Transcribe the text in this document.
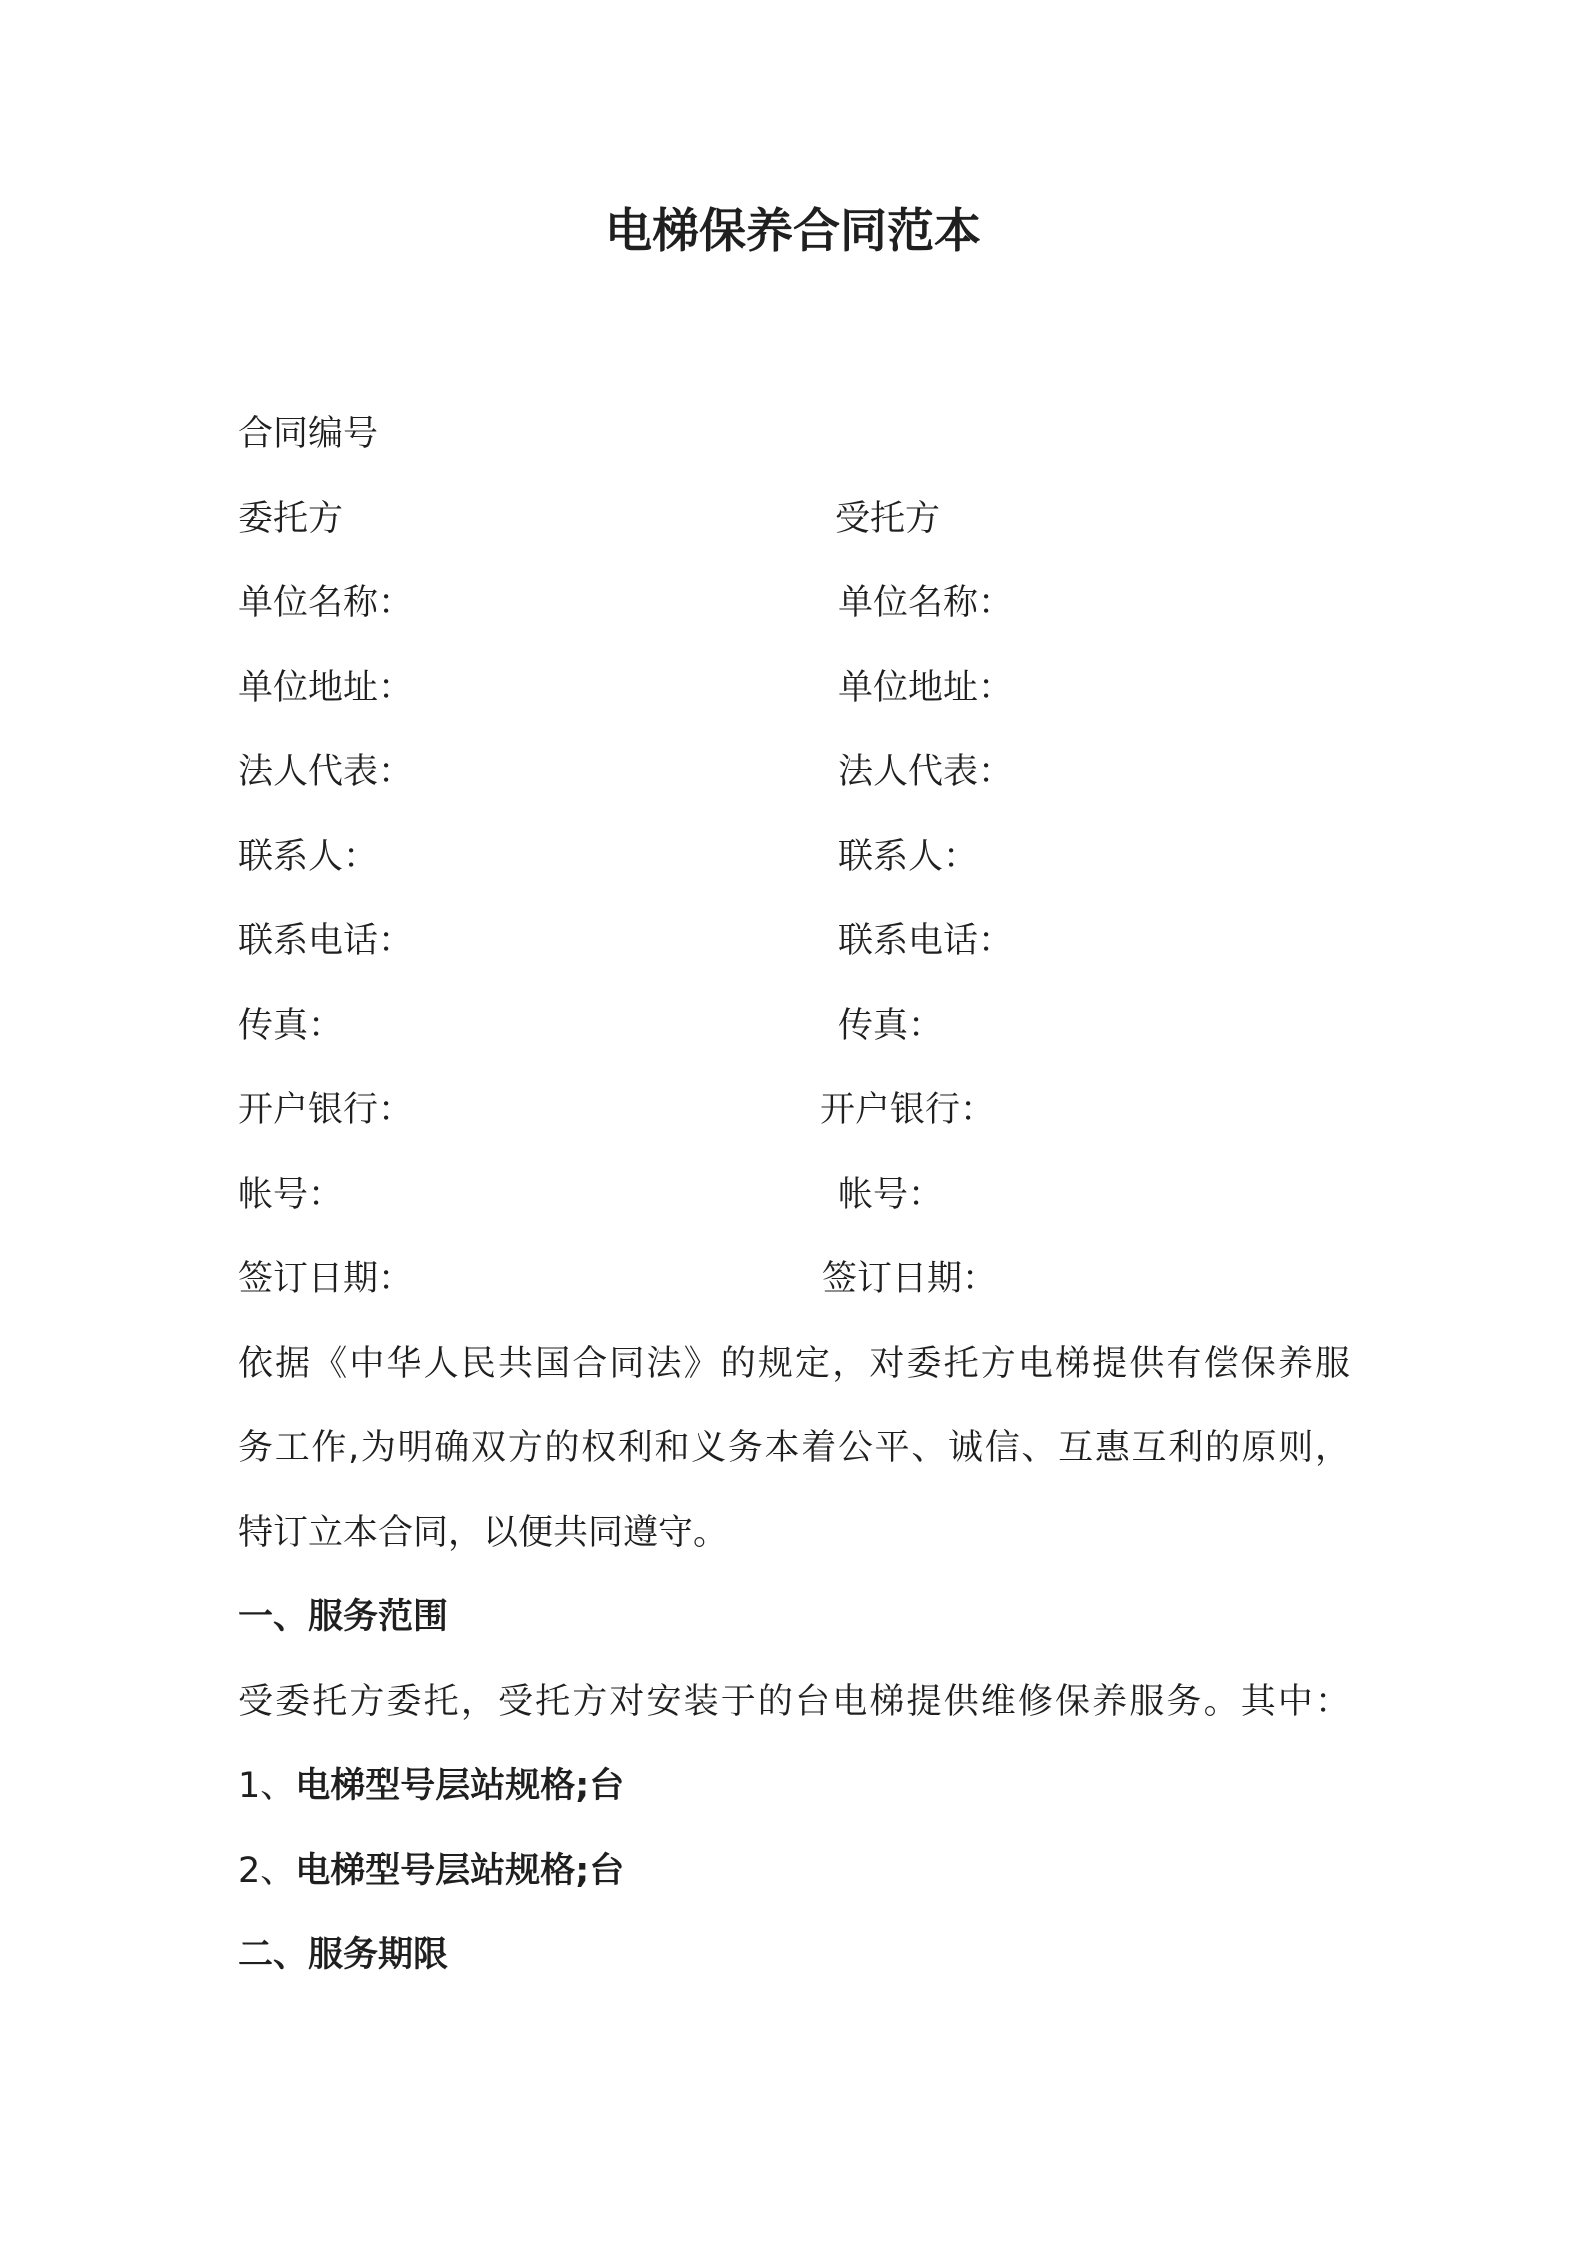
电梯保养合同范本

合同编号

委托方	受托方
单位名称：	单位名称：
单位地址：	单位地址：
法人代表：	法人代表：
联系人：	联系人：
联系电话：	联系电话：
传真：	传真：
开户银行：	开户银行：
帐号：	帐号：
签订日期：	签订日期：

依据《中华人民共国合同法》的规定，对委托方电梯提供有偿保养服

务工作,为明确双方的权利和义务本着公平、诚信、互惠互利的原则，

特订立本合同，以便共同遵守。

一、服务范围

受委托方委托，受托方对安装于的台电梯提供维修保养服务。其中：

1、电梯型号层站规格;台

2、电梯型号层站规格;台

二、服务期限
